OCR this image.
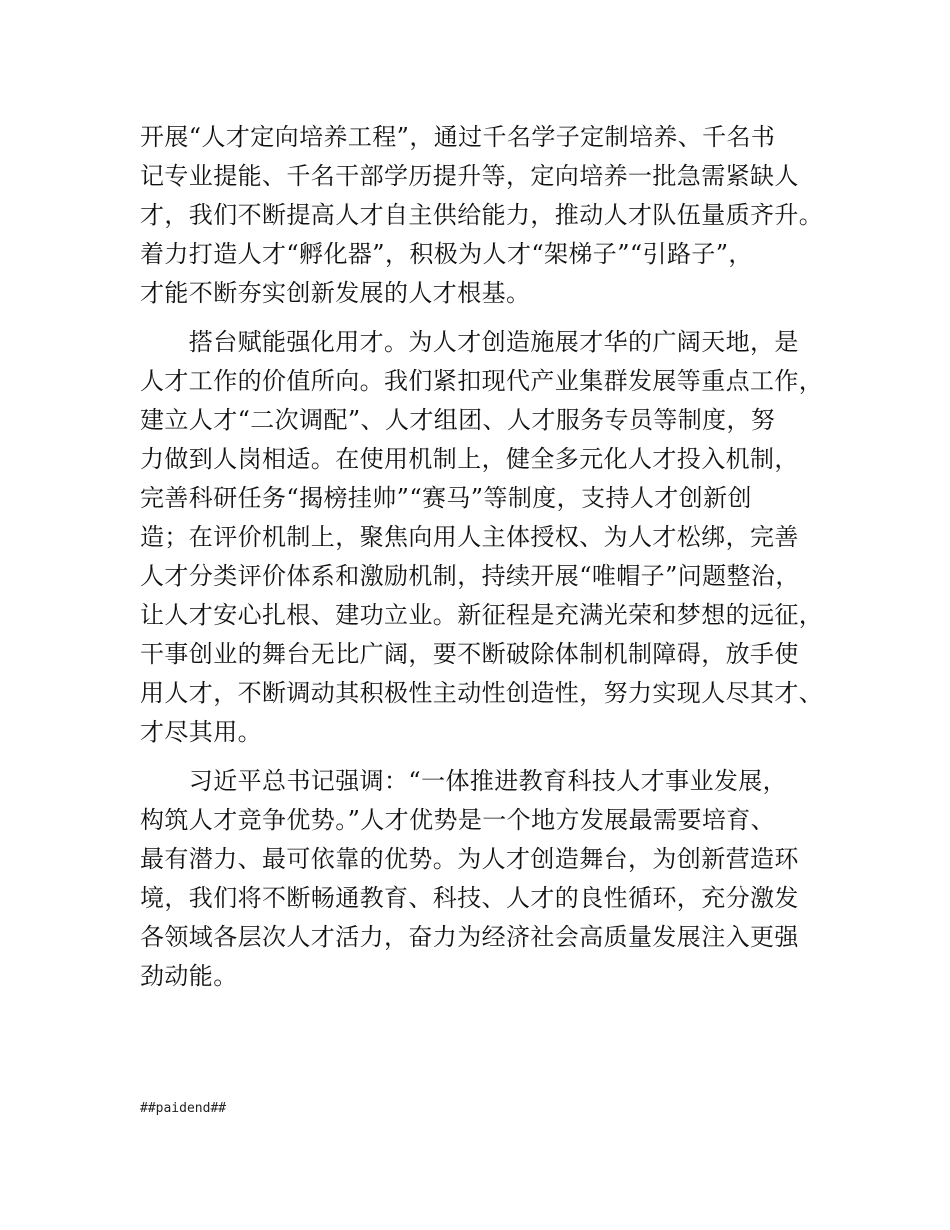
开展“人才定向培养工程”，通过千名学子定制培养、千名书
记专业提能、千名干部学历提升等，定向培养一批急需紧缺人
才，我们不断提高人才自主供给能力，推动人才队伍量质齐升。
着力打造人才“孵化器”，积极为人才“架梯子”“引路子”，
才能不断夯实创新发展的人才根基。
　　搭台赋能强化用才。为人才创造施展才华的广阔天地，是
人才工作的价值所向。我们紧扣现代产业集群发展等重点工作，
建立人才“二次调配”、人才组团、人才服务专员等制度，努
力做到人岗相适。在使用机制上，健全多元化人才投入机制，
完善科研任务“揭榜挂帅”“赛马”等制度，支持人才创新创
造；在评价机制上，聚焦向用人主体授权、为人才松绑，完善
人才分类评价体系和激励机制，持续开展“唯帽子”问题整治，
让人才安心扎根、建功立业。新征程是充满光荣和梦想的远征，
干事创业的舞台无比广阔，要不断破除体制机制障碍，放手使
用人才，不断调动其积极性主动性创造性，努力实现人尽其才、
才尽其用。
　　习近平总书记强调：“一体推进教育科技人才事业发展，
构筑人才竞争优势。”人才优势是一个地方发展最需要培育、
最有潜力、最可依靠的优势。为人才创造舞台，为创新营造环
境，我们将不断畅通教育、科技、人才的良性循环，充分激发
各领域各层次人才活力，奋力为经济社会高质量发展注入更强
劲动能。
##paidend##
